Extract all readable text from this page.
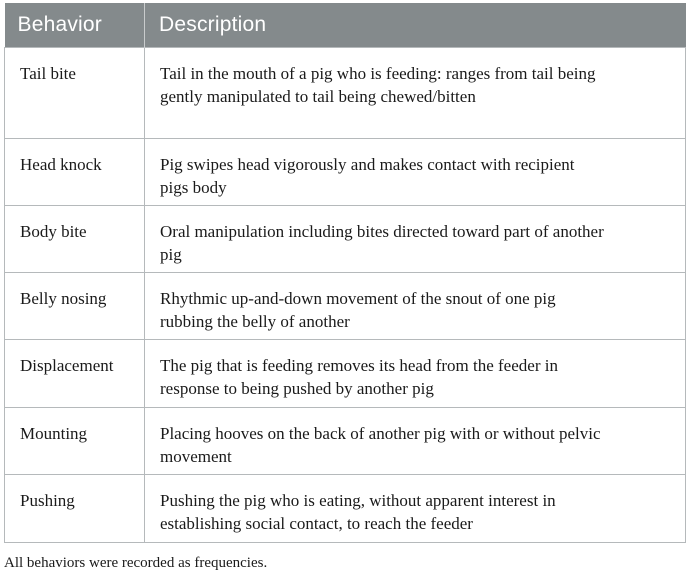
Behavior	Description
Tail bite	Tail in the mouth of a pig who is feeding: ranges from tail being gently manipulated to tail being chewed/bitten
Head knock	Pig swipes head vigorously and makes contact with recipient pigs body
Body bite	Oral manipulation including bites directed toward part of another pig
Belly nosing	Rhythmic up-and-down movement of the snout of one pig rubbing the belly of another
Displacement	The pig that is feeding removes its head from the feeder in response to being pushed by another pig
Mounting	Placing hooves on the back of another pig with or without pelvic movement
Pushing	Pushing the pig who is eating, without apparent interest in establishing social contact, to reach the feeder
All behaviors were recorded as frequencies.
